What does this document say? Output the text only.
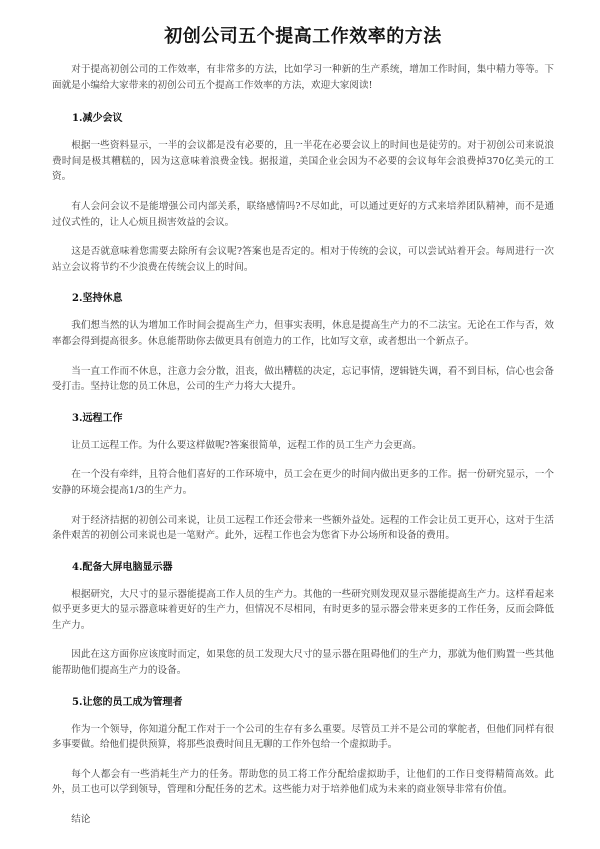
初创公司五个提高工作效率的方法

对于提高初创公司的工作效率，有非常多的方法，比如学习一种新的生产系统，增加工作时间，集中精力等等。下面就是小编给大家带来的初创公司五个提高工作效率的方法，欢迎大家阅读!

1.减少会议

根据一些资料显示，一半的会议都是没有必要的，且一半花在必要会议上的时间也是徒劳的。对于初创公司来说浪费时间是极其糟糕的，因为这意味着浪费金钱。据报道，美国企业会因为不必要的会议每年会浪费掉370亿美元的工资。

有人会问会议不是能增强公司内部关系，联络感情吗?不尽如此，可以通过更好的方式来培养团队精神，而不是通过仪式性的，让人心烦且损害效益的会议。

这是否就意味着您需要去除所有会议呢?答案也是否定的。相对于传统的会议，可以尝试站着开会。每周进行一次站立会议将节约不少浪费在传统会议上的时间。

2.坚持休息

我们想当然的认为增加工作时间会提高生产力，但事实表明，休息是提高生产力的不二法宝。无论在工作与否，效率都会得到提高很多。休息能帮助你去做更具有创造力的工作，比如写文章，或者想出一个新点子。

当一直工作而不休息，注意力会分散，沮丧，做出糟糕的决定，忘记事情，逻辑链失调，看不到目标，信心也会备受打击。坚持让您的员工休息，公司的生产力将大大提升。

3.远程工作

让员工远程工作。为什么要这样做呢?答案很简单，远程工作的员工生产力会更高。

在一个没有牵绊，且符合他们喜好的工作环境中，员工会在更少的时间内做出更多的工作。据一份研究显示，一个安静的环境会提高1/3的生产力。

对于经济拮据的初创公司来说，让员工远程工作还会带来一些额外益处。远程的工作会让员工更开心，这对于生活条件艰苦的初创公司来说也是一笔财产。此外，远程工作也会为您省下办公场所和设备的费用。

4.配备大屏电脑显示器

根据研究，大尺寸的显示器能提高工作人员的生产力。其他的一些研究则发现双显示器能提高生产力。这样看起来似乎更多更大的显示器意味着更好的生产力，但情况不尽相同，有时更多的显示器会带来更多的工作任务，反而会降低生产力。

因此在这方面你应该度时而定，如果您的员工发现大尺寸的显示器在阻碍他们的生产力，那就为他们购置一些其他能帮助他们提高生产力的设备。

5.让您的员工成为管理者

作为一个领导，你知道分配工作对于一个公司的生存有多么重要。尽管员工并不是公司的掌舵者，但他们同样有很多事要做。给他们提供预算，将那些浪费时间且无聊的工作外包给一个虚拟助手。

每个人都会有一些消耗生产力的任务。帮助您的员工将工作分配给虚拟助手，让他们的工作日变得精简高效。此外，员工也可以学到领导，管理和分配任务的艺术。这些能力对于培养他们成为未来的商业领导非常有价值。

结论
